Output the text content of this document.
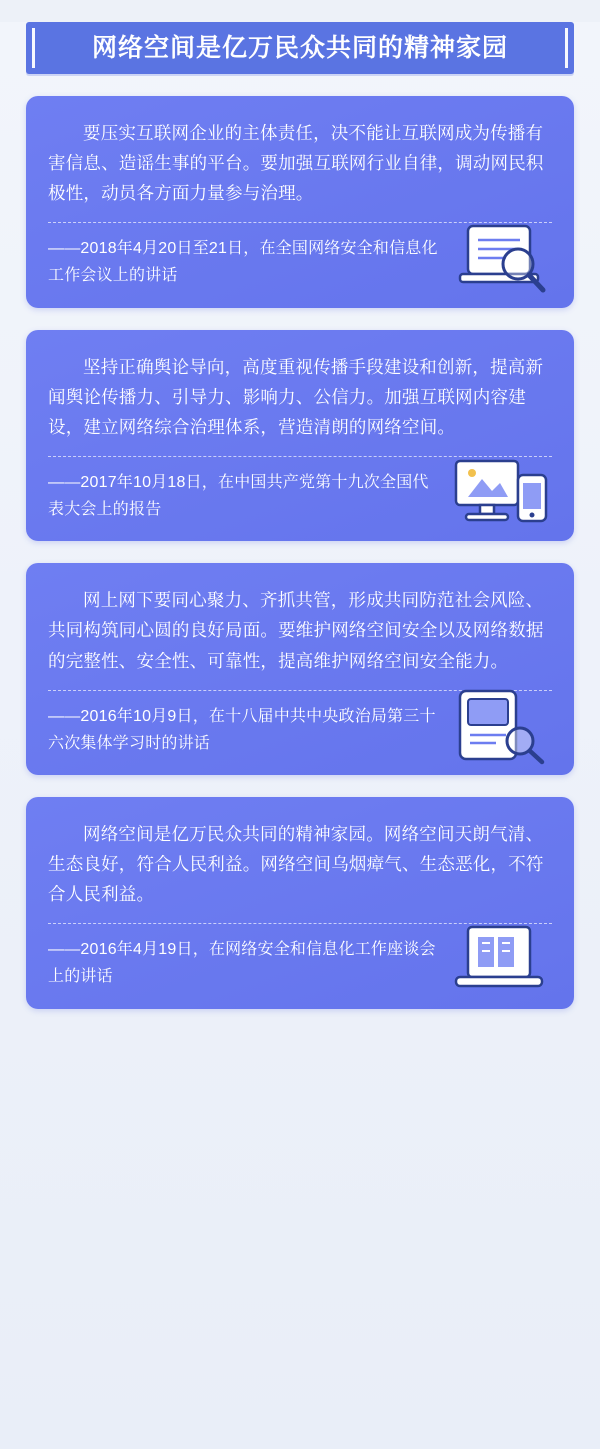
网络空间是亿万民众共同的精神家园
要压实互联网企业的主体责任，决不能让互联网成为传播有害信息、造谣生事的平台。要加强互联网行业自律，调动网民积极性，动员各方面力量参与治理。
——2018年4月20日至21日，在全国网络安全和信息化工作会议上的讲话
坚持正确舆论导向，高度重视传播手段建设和创新，提高新闻舆论传播力、引导力、影响力、公信力。加强互联网内容建设，建立网络综合治理体系，营造清朗的网络空间。
——2017年10月18日，在中国共产党第十九次全国代表大会上的报告
网上网下要同心聚力、齐抓共管，形成共同防范社会风险、共同构筑同心圆的良好局面。要维护网络空间安全以及网络数据的完整性、安全性、可靠性，提高维护网络空间安全能力。
——2016年10月9日，在十八届中共中央政治局第三十六次集体学习时的讲话
网络空间是亿万民众共同的精神家园。网络空间天朗气清、生态良好，符合人民利益。网络空间乌烟瘴气、生态恶化，不符合人民利益。
——2016年4月19日，在网络安全和信息化工作座谈会上的讲话
